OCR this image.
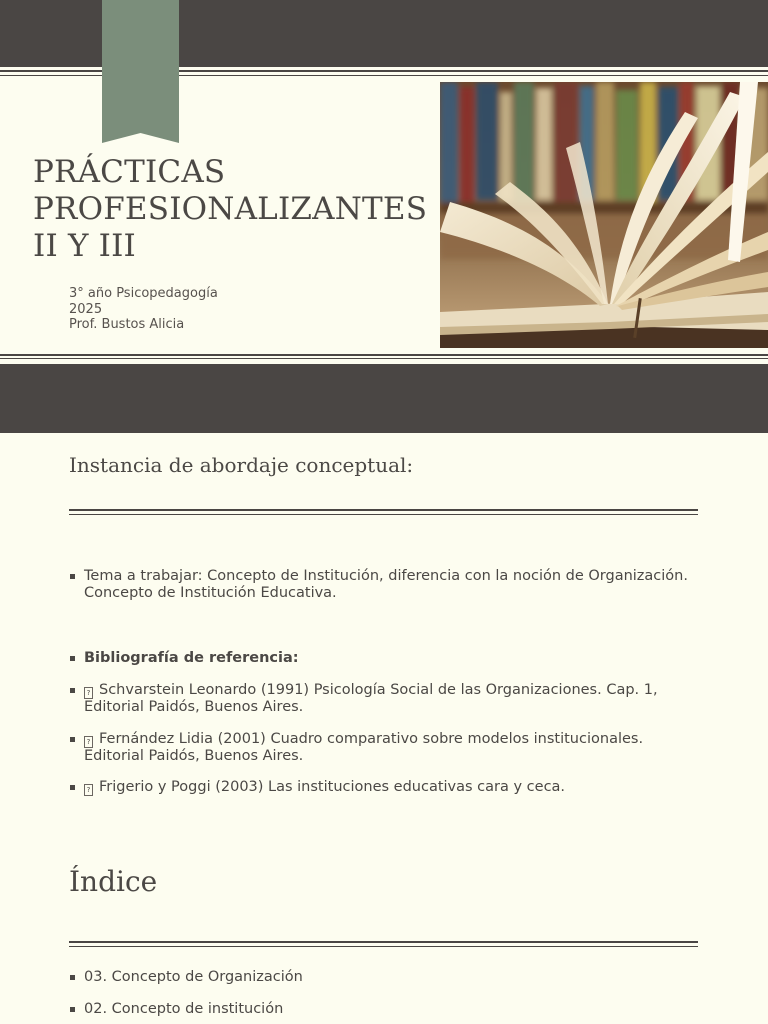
PRÁCTICAS
PROFESIONALIZANTES
II Y III
3° año Psicopedagogía
2025
Prof. Bustos Alicia
Instancia de abordaje conceptual:
Tema a trabajar: Concepto de Institución, diferencia con la noción de Organización.
Concepto de Institución Educativa.
Bibliografía de referencia:
? Schvarstein Leonardo (1991) Psicología Social de las Organizaciones. Cap. 1,
Editorial Paidós, Buenos Aires.
? Fernández Lidia (2001) Cuadro comparativo sobre modelos institucionales.
Editorial Paidós, Buenos Aires.
? Frigerio y Poggi (2003) Las instituciones educativas cara y ceca.
Índice
03. Concepto de Organización
02. Concepto de institución
